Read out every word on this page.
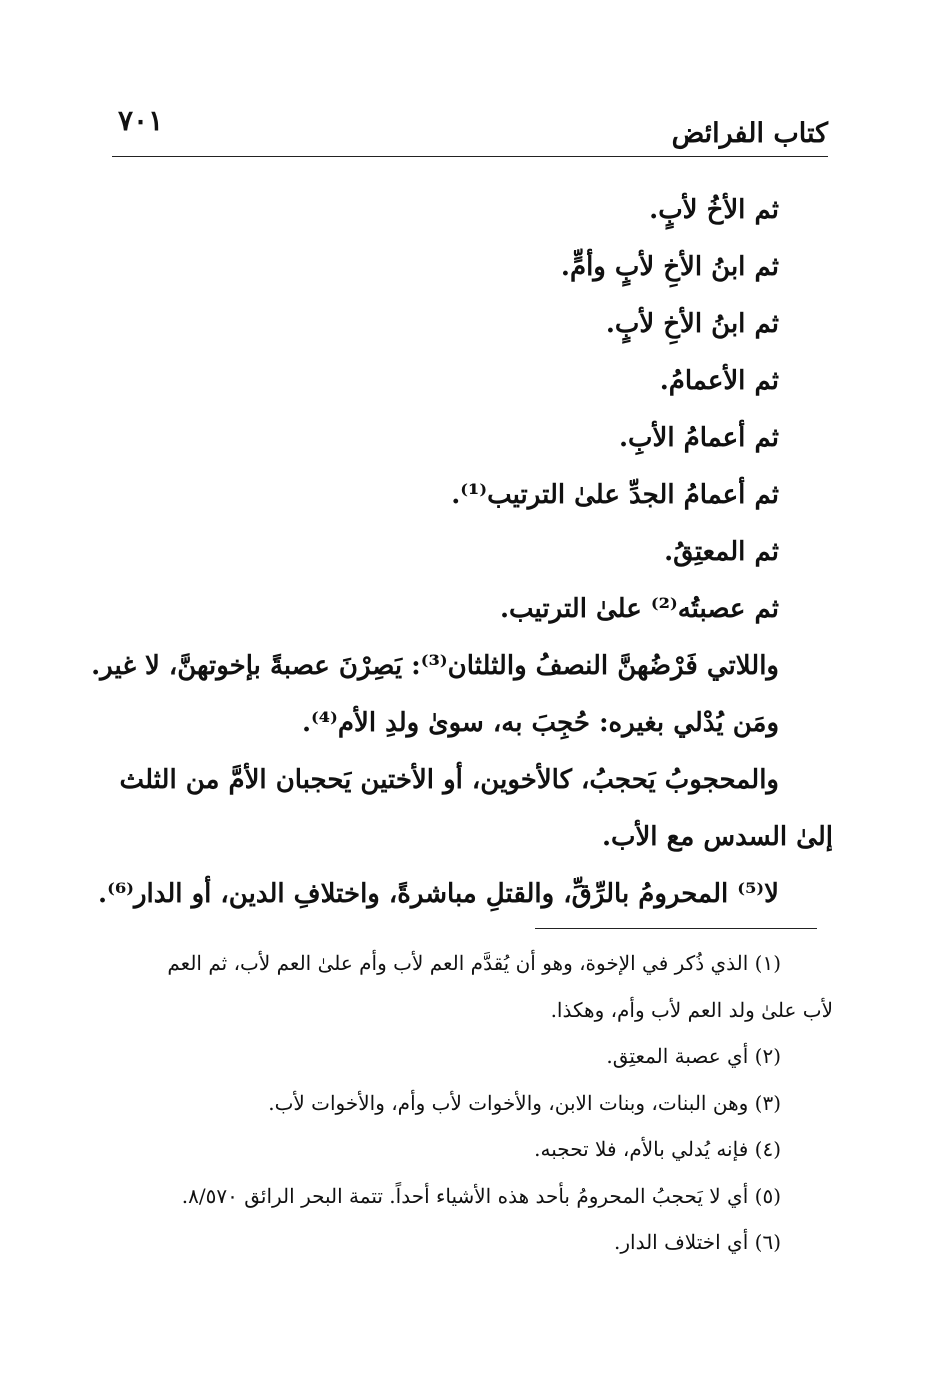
كتاب الفرائض
٧٠١
ثم الأخُ لأبٍ.
ثم ابنُ الأخِ لأبٍ وأمٍّ.
ثم ابنُ الأخِ لأبٍ.
ثم الأعمامُ.
ثم أعمامُ الأبِ.
ثم أعمامُ الجدِّ علىٰ الترتيب⁽¹⁾.
ثم المعتِقُ.
ثم عصبتُه⁽²⁾ علىٰ الترتيب.
واللاتي فَرْضُهنَّ النصفُ والثلثان⁽³⁾: يَصِرْنَ عصبةً بإخوتهنَّ، لا غير.
ومَن يُدْلي بغيره: حُجِبَ به، سوىٰ ولدِ الأم⁽⁴⁾.
والمحجوبُ يَحجبُ، كالأخوين، أو الأختين يَحجبان الأمَّ من الثلث
إلىٰ السدس مع الأب.
لا⁽⁵⁾ المحرومُ بالرِّقِّ، والقتلِ مباشرةً، واختلافِ الدين، أو الدار⁽⁶⁾.
(١) الذي ذُكر في الإخوة، وهو أن يُقدَّم العم لأب وأم علىٰ العم لأب، ثم العم
لأب علىٰ ولد العم لأب وأم، وهكذا.
(٢) أي عصبة المعتِق.
(٣) وهن البنات، وبنات الابن، والأخوات لأب وأم، والأخوات لأب.
(٤) فإنه يُدلي بالأم، فلا تحجبه.
(٥) أي لا يَحجبُ المحرومُ بأحد هذه الأشياء أحداً. تتمة البحر الرائق ٨/٥٧٠.
(٦) أي اختلاف الدار.
